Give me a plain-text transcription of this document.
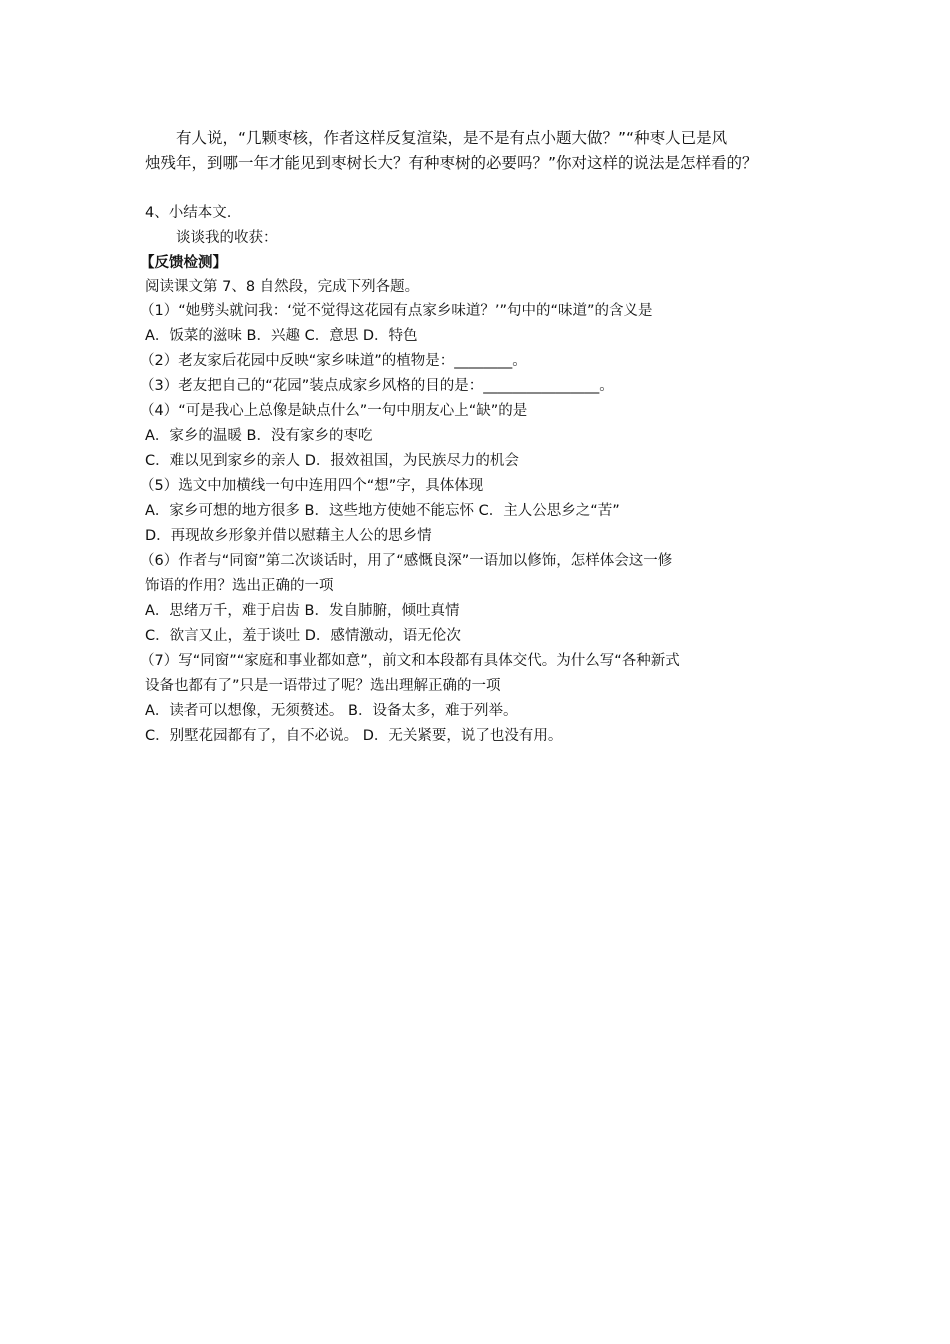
有人说，“几颗枣核，作者这样反复渲染，是不是有点小题大做？”“种枣人已是风
烛残年，到哪一年才能见到枣树长大？有种枣树的必要吗？”你对这样的说法是怎样看的？
4、小结本文.
谈谈我的收获：
【反馈检测】
阅读课文第 7、8 自然段，完成下列各题。
（1）“她劈头就问我：‘觉不觉得这花园有点家乡味道？’”句中的“味道”的含义是
A．饭菜的滋味 B．兴趣 C．意思 D．特色
（2）老友家后花园中反映“家乡味道”的植物是：________。
（3）老友把自己的“花园”装点成家乡风格的目的是：________________。
（4）“可是我心上总像是缺点什么”一句中朋友心上“缺”的是
A．家乡的温暖 B．没有家乡的枣吃
C．难以见到家乡的亲人 D．报效祖国，为民族尽力的机会
（5）选文中加横线一句中连用四个“想”字，具体体现
A．家乡可想的地方很多 B．这些地方使她不能忘怀 C．主人公思乡之“苦”
D．再现故乡形象并借以慰藉主人公的思乡情
（6）作者与“同窗”第二次谈话时，用了“感慨良深”一语加以修饰，怎样体会这一修
饰语的作用？选出正确的一项
A．思绪万千，难于启齿 B．发自肺腑，倾吐真情
C．欲言又止，羞于谈吐 D．感情激动，语无伦次
（7）写“同窗”“家庭和事业都如意”，前文和本段都有具体交代。为什么写“各种新式
设备也都有了”只是一语带过了呢？选出理解正确的一项
A．读者可以想像，无须赘述。 B．设备太多，难于列举。
C．别墅花园都有了，自不必说。 D．无关紧要，说了也没有用。
